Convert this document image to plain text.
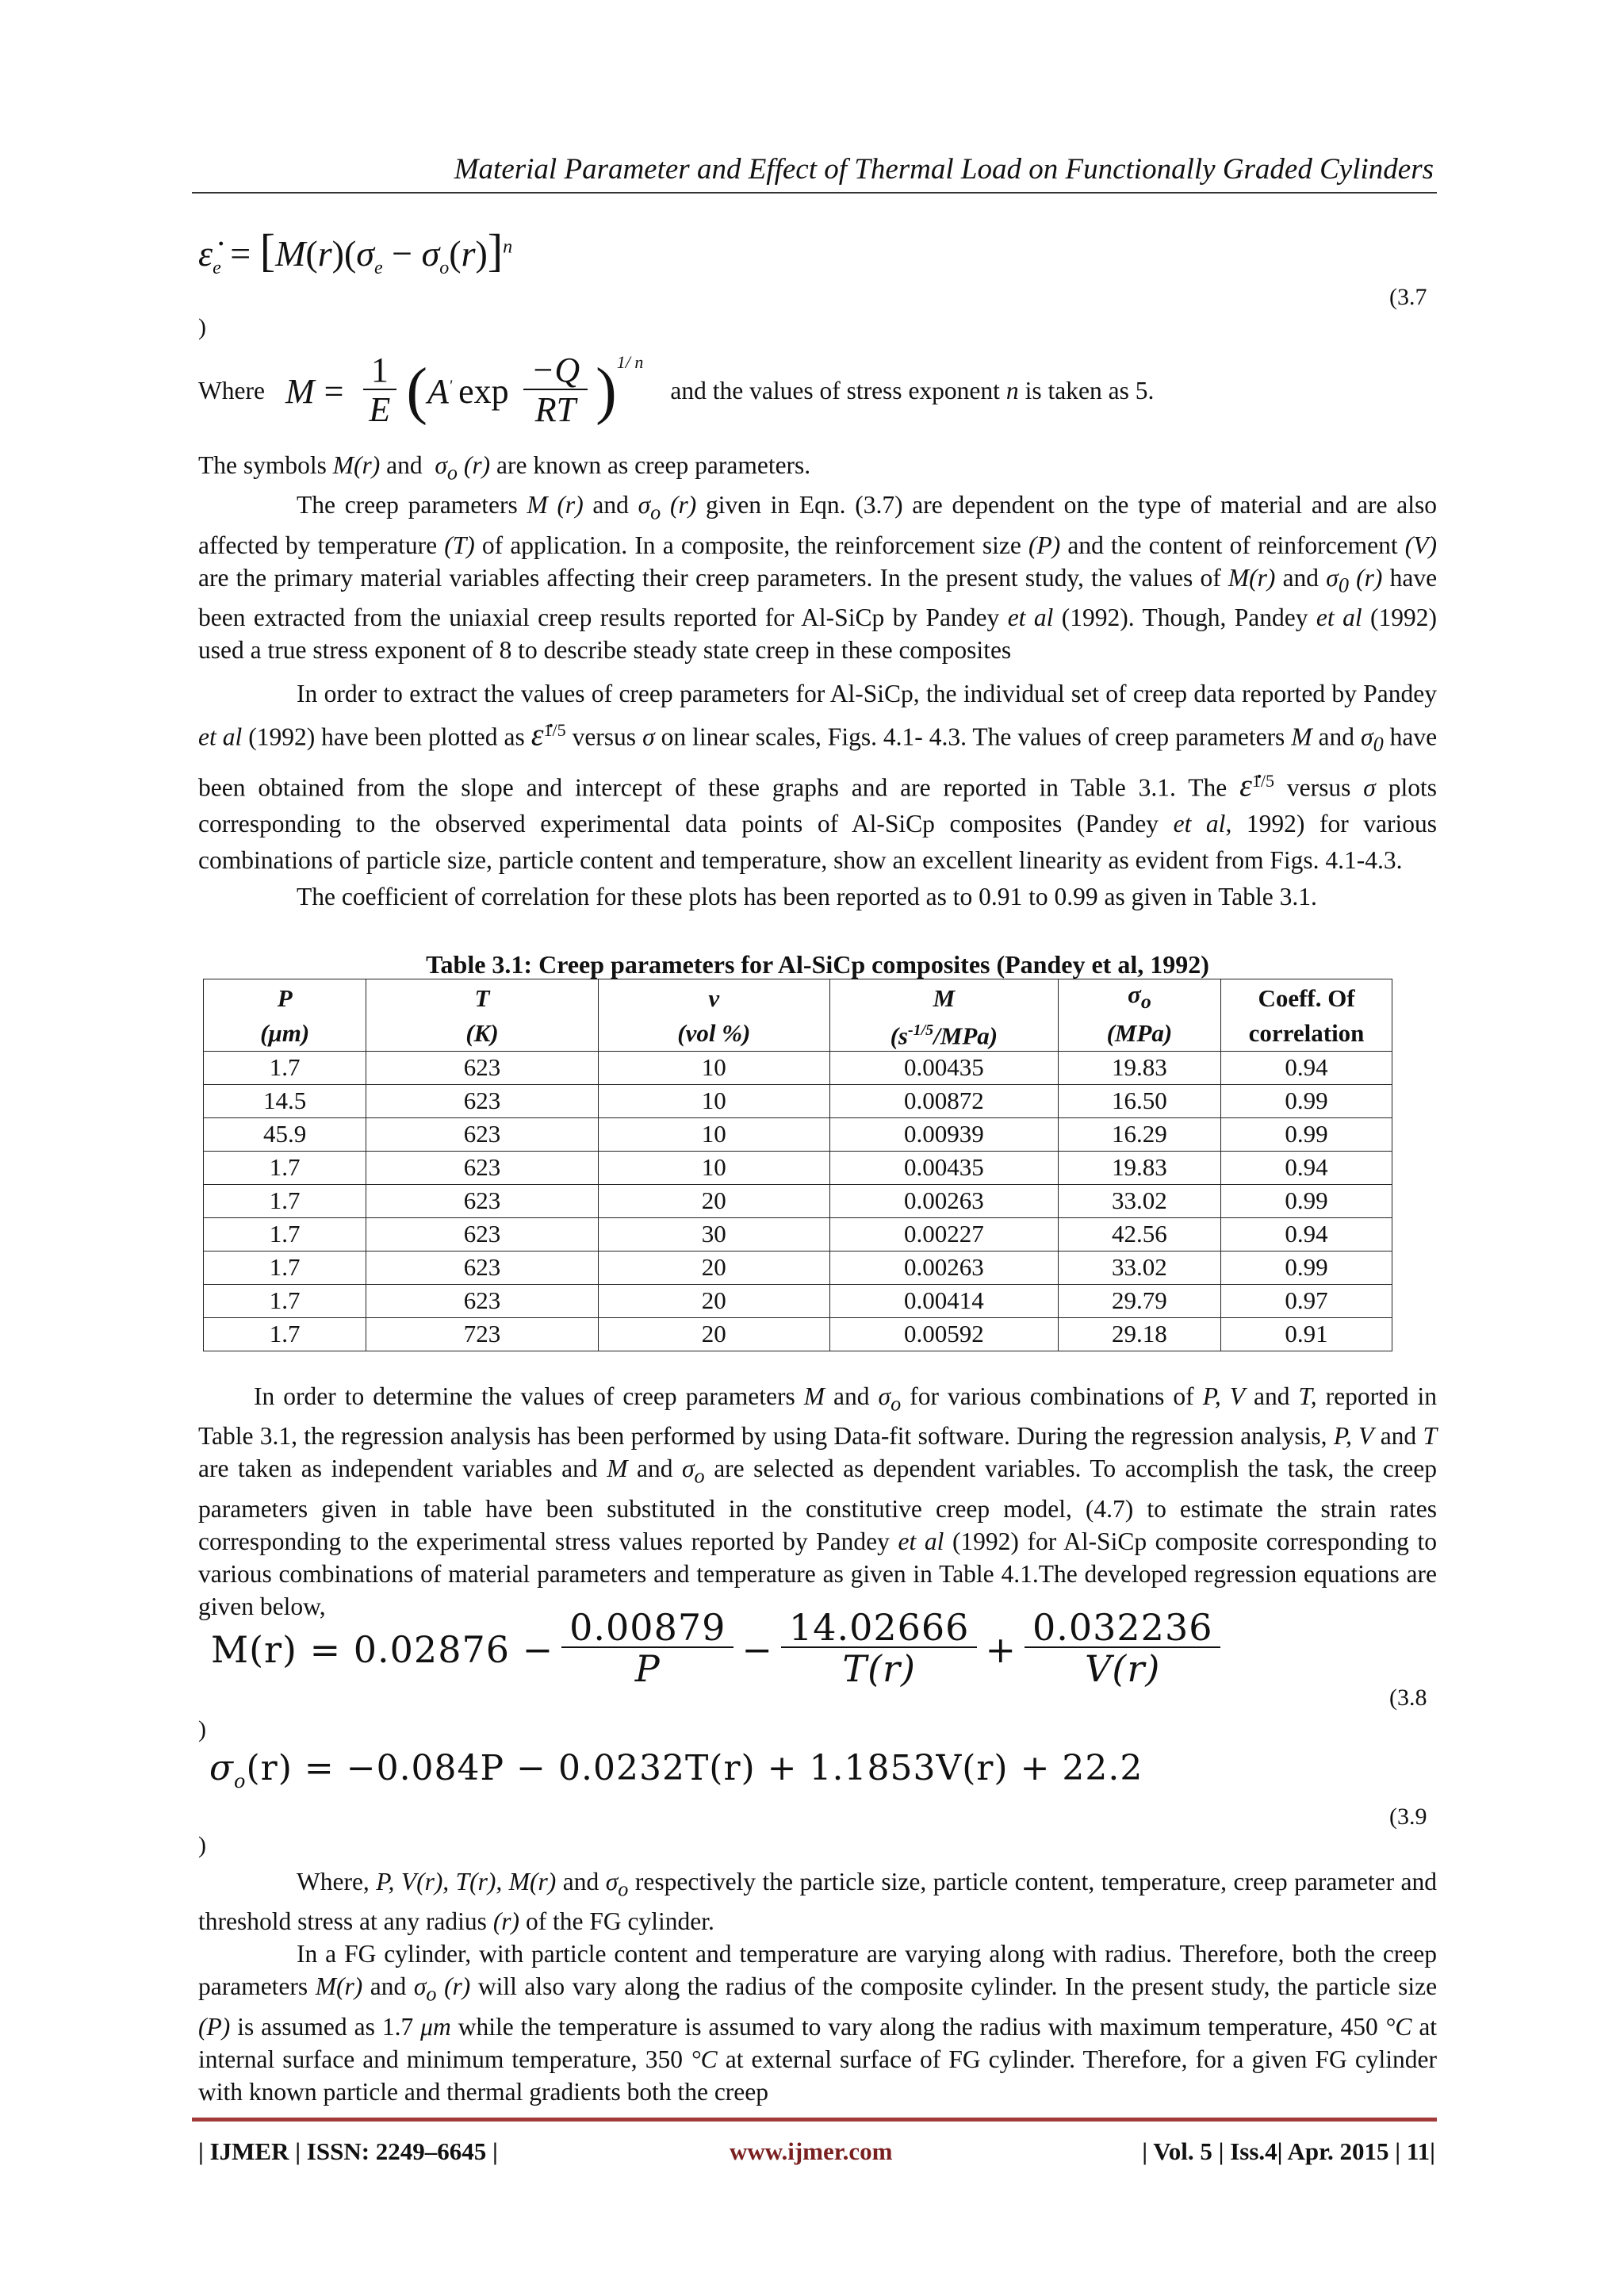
Material Parameter and Effect of Thermal Load on Functionally Graded Cylinders
$\varepsiloṅ_e = [M(r)(\sigma_e - \sigma_o(r)]^n$
(3.7
)
Where $M = \frac{1}{E}$ ( A' $\exp \frac{-Q}{RT} )^{1/ n}$
and the values of stress exponent n is taken as 5.

The symbols M(r) and $\sigma_o$ (r) are known as creep parameters.

The creep parameters M (r) and $\sigma_o$ (r) given in Eqn. (3.7) are dependent on the type of material and are also affected by temperature (T) of application. In a composite, the reinforcement size (P) and the content of reinforcement (V) are the primary material variables affecting their creep parameters. In the present study, the values of M(r) and $\sigma_0$ (r) have been extracted from the uniaxial creep results reported for Al-SiCp by Pandey et al (1992). Though, Pandey et al (1992) used a true stress exponent of 8 to describe steady state creep in these composites

In order to extract the values of creep parameters for Al-SiCp, the individual set of creep data reported by Pandey et al (1992) have been plotted as ε̇$^{1/5}$ versus σ on linear scales, Figs. 4.1- 4.3. The values of creep parameters M and $\sigma_0$ have been obtained from the slope and intercept of these graphs and are reported in Table 3.1. The ε̇$^{1/5}$ versus σ plots corresponding to the observed experimental data points of Al-SiCp composites (Pandey et al, 1992) for various combinations of particle size, particle content and temperature, show an excellent linearity as evident from Figs. 4.1-4.3.

The coefficient of correlation for these plots has been reported as to 0.91 to 0.99 as given in Table 3.1.

Table 3.1: Creep parameters for Al-SiCp composites (Pandey et al, 1992)
P	T	v	M	$\sigma_o$	Coeff. Of
(μm)	(K)	(vol %)	$(s^{-1/5}/MPa)$	(MPa)	correlation
1.7	623	10	0.00435	19.83	0.94
14.5	623	10	0.00872	16.50	0.99
45.9	623	10	0.00939	16.29	0.99
1.7	623	10	0.00435	19.83	0.94
1.7	623	20	0.00263	33.02	0.99
1.7	623	30	0.00227	42.56	0.94
1.7	623	20	0.00263	33.02	0.99
1.7	623	20	0.00414	29.79	0.97
1.7	723	20	0.00592	29.18	0.91

In order to determine the values of creep parameters M and $\sigma_o$ for various combinations of P, V and T, reported in Table 3.1, the regression analysis has been performed by using Data-fit software. During the regression analysis, P, V and T are taken as independent variables and M and $\sigma_o$ are selected as dependent variables. To accomplish the task, the creep parameters given in table have been substituted in the constitutive creep model, (4.7) to estimate the strain rates corresponding to the experimental stress values reported by Pandey et al (1992) for Al-SiCp composite corresponding to various combinations of material parameters and temperature as given in Table 4.1.The developed regression equations are given below,

$M(r) = 0.02876 - \frac{0.00879}{P} - \frac{14.02666}{T(r)} + \frac{0.032236}{V(r)}$
(3.8
)
$\sigma_o(r) = -0.084P - 0.0232T(r) + 1.1853V(r) + 22.2$
(3.9
)

Where, P, V(r), T(r), M(r) and $\sigma_o$ respectively the particle size, particle content, temperature, creep parameter and threshold stress at any radius (r) of the FG cylinder.

In a FG cylinder, with particle content and temperature are varying along with radius. Therefore, both the creep parameters M(r) and $\sigma_o$ (r) will also vary along the radius of the composite cylinder. In the present study, the particle size (P) is assumed as 1.7 μm while the temperature is assumed to vary along the radius with maximum temperature, 450 °C at internal surface and minimum temperature, 350 °C at external surface of FG cylinder. Therefore, for a given FG cylinder with known particle and thermal gradients both the creep

| IJMER | ISSN: 2249–6645 |	www.ijmer.com	| Vol. 5 | Iss.4| Apr. 2015 | 11|
